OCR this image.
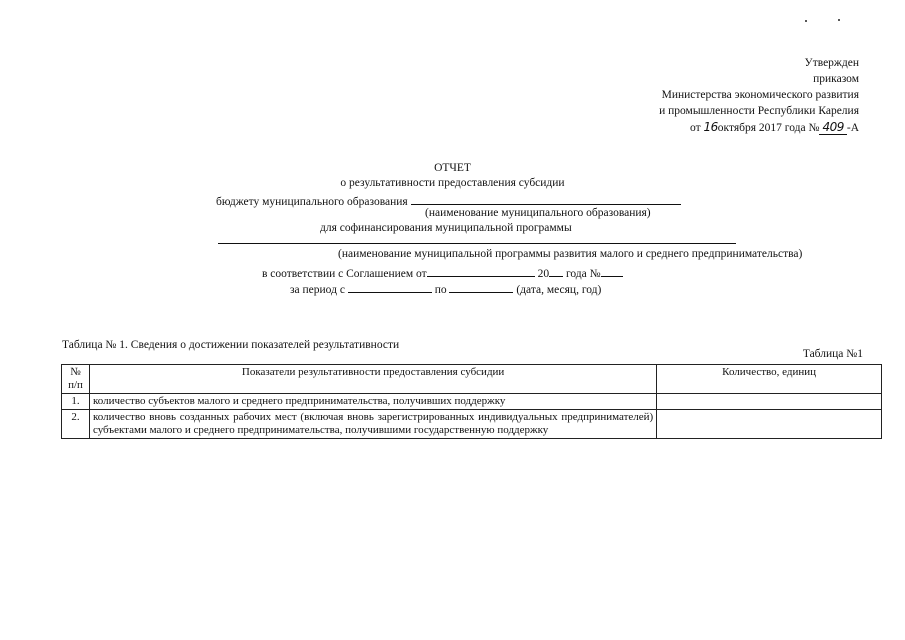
Утвержден
приказом
Министерства экономического развития
и промышленности Республики Карелия
от 16октября 2017 года № 409 -А
ОТЧЕТ
о результативности предоставления субсидии
бюджету муниципального образования
(наименование муниципального образования)
для софинансирования муниципальной программы
(наименование муниципальной программы развития малого и среднего предпринимательства)
в соответствии с Соглашением от	20 года №
за период с	по	(дата, месяц, год)
Таблица № 1. Сведения о достижении показателей результативности
Таблица №1
№ п/п	Показатели результативности предоставления субсидии	Количество, единиц
1.	количество субъектов малого и среднего предпринимательства, получивших поддержку	
2.	количество вновь созданных рабочих мест (включая вновь зарегистрированных индивидуальных предпринимателей) субъектами малого и среднего предпринимательства, получившими государственную поддержку	
